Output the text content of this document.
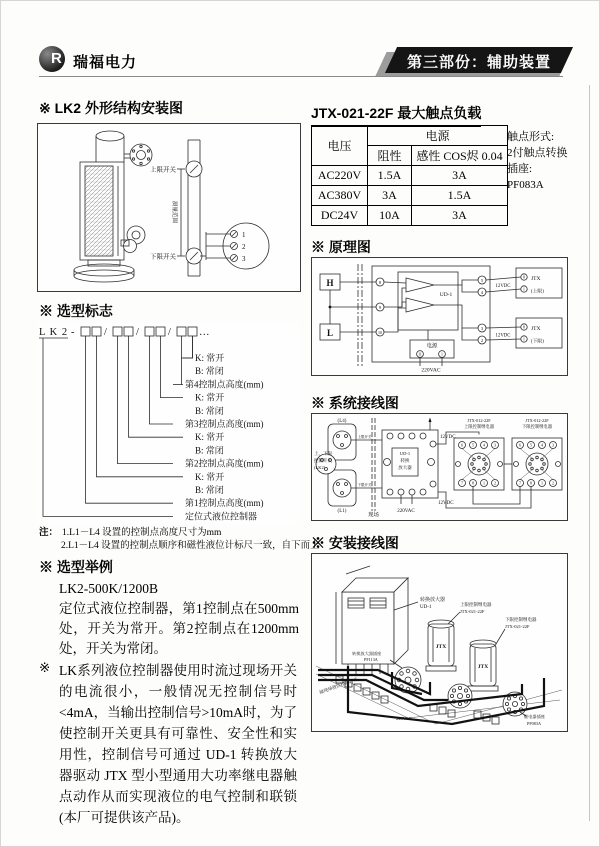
R 瑞福电力	第三部份：辅助装置
※ LK2 外形结构安装图
上限开关
下限开关
测量范围
1
2
3
※ 选型标志
L K 2 -	/	/	/	…
K: 常开
B: 常闭
第4控制点高度(mm)
K: 常开
B: 常闭
第3控制点高度(mm)
K: 常开
B: 常闭
第2控制点高度(mm)
K: 常开
B: 常闭
第1控制点高度(mm)
定位式液位控制器
注： 1.L1－L4 设置的控制点高度尺寸为mm
2.L1－L4 设置的控制点顺序和磁性液位计标尺一致，自下而上
※ 选型举例
LK2-500K/1200B
定位式液位控制器，第1控制点在500mm处，开关为常开。第2控制点在1200mm处，开关为常闭。
※ LK系列液位控制器使用时流过现场开关的电流很小，一般情况无控制信号时<4mA，当输出控制信号>10mA时，为了使控制开关更具有可靠性、安全性和实用性，控制信号可通过 UD-1 转换放大器驱动 JTX 型小型通用大功率继电器触点动作从而实现液位的电气控制和联锁(本厂可提供该产品)。
JTX-021-22F 最大触点负载
电压	电源	
	阻性	感性 COS烬 0.04
AC220V	1.5A	3A
AC380V	3A	1.5A
DC24V	10A	3A
触点形式:
2付触点转换
插座:
PF083A
※ 原理图
H
L
UD-1
8
9
10
5
4
3
2
电源
11	1
220VAC
12VDC
8 JTX
1 (上限)
12VDC
8 JTX
1 (下限)
※ 系统接线图
(L4)
(L1)
上、下限
控制开关
(LK2)
上限开关
下限开关
现场
UD-1
转换
放大器
220VAC
12VDC
12VDC
JTX-012-22F
上限控制继电器
6 5 4 3
7 8 1 2
JTX-012-22F
下限控制继电器
6 5 4 3
7 8 1 2
※ 安装接线图
转换放大器
UD-1
上限控制继电器
JTX-021-22F
JTX
下限控制继电器
JTX-021-22F
JTX
转换放大器插座
PF113A
接现场液位控制开关
220VAC	继电器插座
PF083A
